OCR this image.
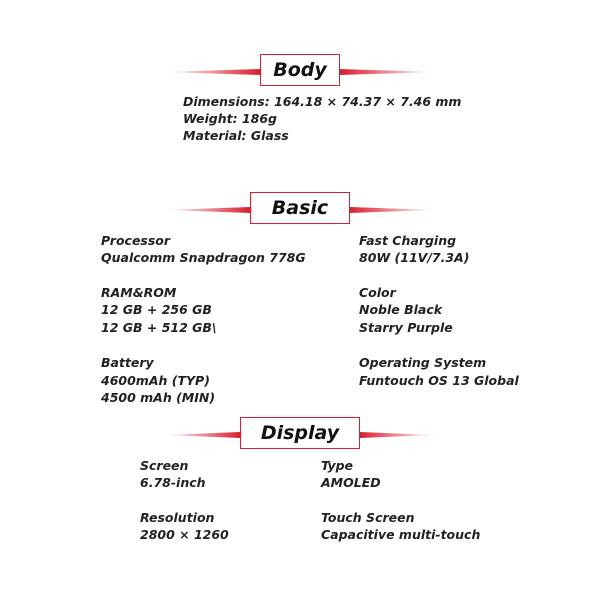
Body
Dimensions: 164.18 × 74.37 × 7.46 mm
Weight: 186g
Material: Glass
Basic
Processor
Qualcomm Snapdragon 778G
RAM&ROM
12 GB + 256 GB
12 GB + 512 GB\
Battery
4600mAh (TYP)
4500 mAh (MIN)
Fast Charging
80W (11V/7.3A)
Color
Noble Black
Starry Purple
Operating System
Funtouch OS 13 Global
Display
Screen
6.78-inch
Resolution
2800 × 1260
Type
AMOLED
Touch Screen
Capacitive multi-touch
